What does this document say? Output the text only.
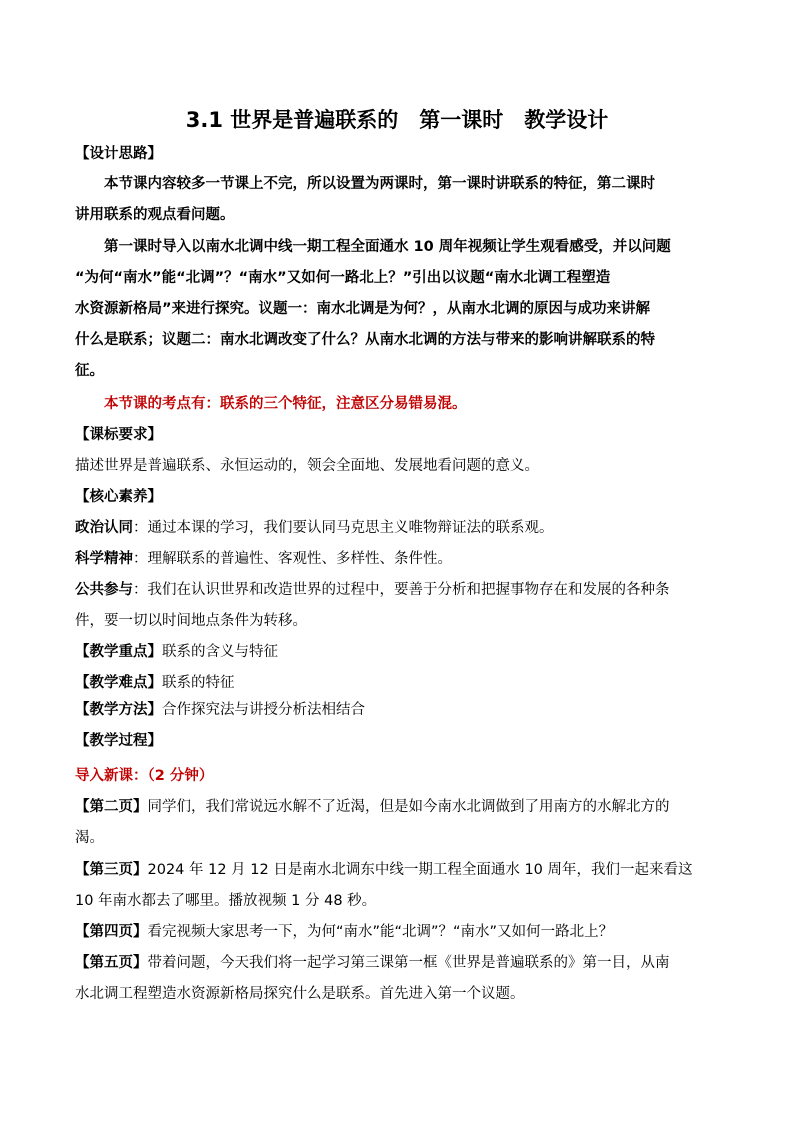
3.1 世界是普遍联系的　第一课时　教学设计
【设计思路】
本节课内容较多一节课上不完，所以设置为两课时，第一课时讲联系的特征，第二课时
讲用联系的观点看问题。
第一课时导入以南水北调中线一期工程全面通水 10 周年视频让学生观看感受，并以问题
“为何“南水”能“北调”？“南水”又如何一路北上？”引出以议题“南水北调工程塑造
水资源新格局”来进行探究。议题一：南水北调是为何？，从南水北调的原因与成功来讲解
什么是联系；议题二：南水北调改变了什么？从南水北调的方法与带来的影响讲解联系的特
征。
本节课的考点有：联系的三个特征，注意区分易错易混。
【课标要求】
描述世界是普遍联系、永恒运动的，领会全面地、发展地看问题的意义。
【核心素养】
政治认同：通过本课的学习，我们要认同马克思主义唯物辩证法的联系观。
科学精神：理解联系的普遍性、客观性、多样性、条件性。
公共参与：我们在认识世界和改造世界的过程中，要善于分析和把握事物存在和发展的各种条
件，要一切以时间地点条件为转移。
【教学重点】联系的含义与特征
【教学难点】联系的特征
【教学方法】合作探究法与讲授分析法相结合
【教学过程】
导入新课：（2 分钟）
【第二页】同学们，我们常说远水解不了近渴，但是如今南水北调做到了用南方的水解北方的
渴。
【第三页】2024 年 12 月 12 日是南水北调东中线一期工程全面通水 10 周年，我们一起来看这
10 年南水都去了哪里。播放视频 1 分 48 秒。
【第四页】看完视频大家思考一下，为何“南水”能“北调”？“南水”又如何一路北上？
【第五页】带着问题，今天我们将一起学习第三课第一框《世界是普遍联系的》第一目，从南
水北调工程塑造水资源新格局探究什么是联系。首先进入第一个议题。
